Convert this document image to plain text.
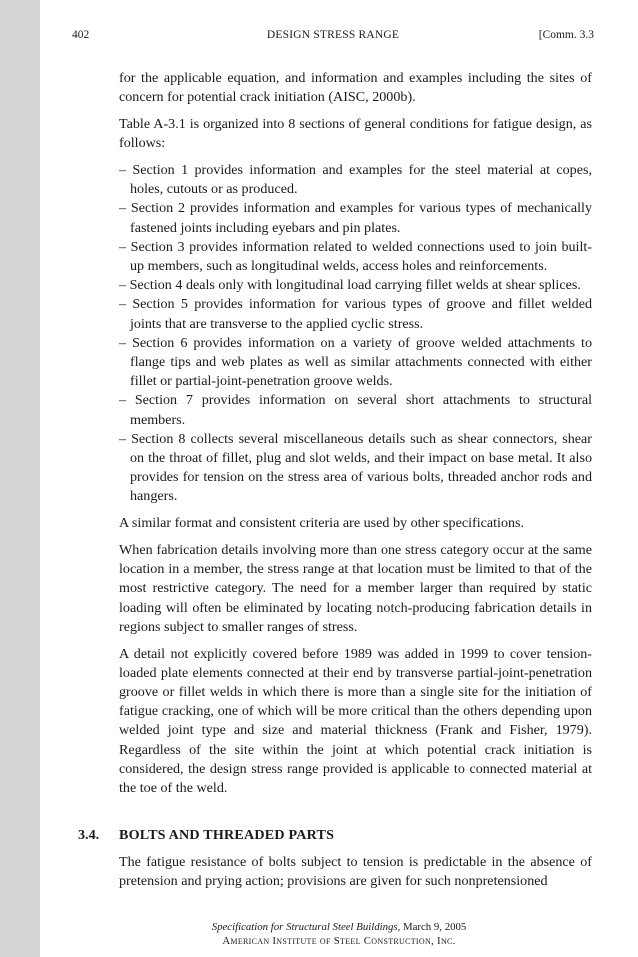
402	DESIGN STRESS RANGE	[Comm. 3.3

for the applicable equation, and information and examples including the sites of concern for potential crack initiation (AISC, 2000b).

Table A-3.1 is organized into 8 sections of general conditions for fatigue design, as follows:

– Section 1 provides information and examples for the steel material at copes, holes, cutouts or as produced.
– Section 2 provides information and examples for various types of mechanically fastened joints including eyebars and pin plates.
– Section 3 provides information related to welded connections used to join built-up members, such as longitudinal welds, access holes and reinforcements.
– Section 4 deals only with longitudinal load carrying fillet welds at shear splices.
– Section 5 provides information for various types of groove and fillet welded joints that are transverse to the applied cyclic stress.
– Section 6 provides information on a variety of groove welded attachments to flange tips and web plates as well as similar attachments connected with either fillet or partial-joint-penetration groove welds.
– Section 7 provides information on several short attachments to structural members.
– Section 8 collects several miscellaneous details such as shear connectors, shear on the throat of fillet, plug and slot welds, and their impact on base metal. It also provides for tension on the stress area of various bolts, threaded anchor rods and hangers.

A similar format and consistent criteria are used by other specifications.

When fabrication details involving more than one stress category occur at the same location in a member, the stress range at that location must be limited to that of the most restrictive category. The need for a member larger than required by static loading will often be eliminated by locating notch-producing fabrication details in regions subject to smaller ranges of stress.

A detail not explicitly covered before 1989 was added in 1999 to cover tension-loaded plate elements connected at their end by transverse partial-joint-penetration groove or fillet welds in which there is more than a single site for the initiation of fatigue cracking, one of which will be more critical than the others depending upon welded joint type and size and material thickness (Frank and Fisher, 1979). Regardless of the site within the joint at which potential crack initiation is considered, the design stress range provided is applicable to connected material at the toe of the weld.

3.4. BOLTS AND THREADED PARTS

The fatigue resistance of bolts subject to tension is predictable in the absence of pretension and prying action; provisions are given for such nonpretensioned

Specification for Structural Steel Buildings, March 9, 2005
American Institute of Steel Construction, Inc.
